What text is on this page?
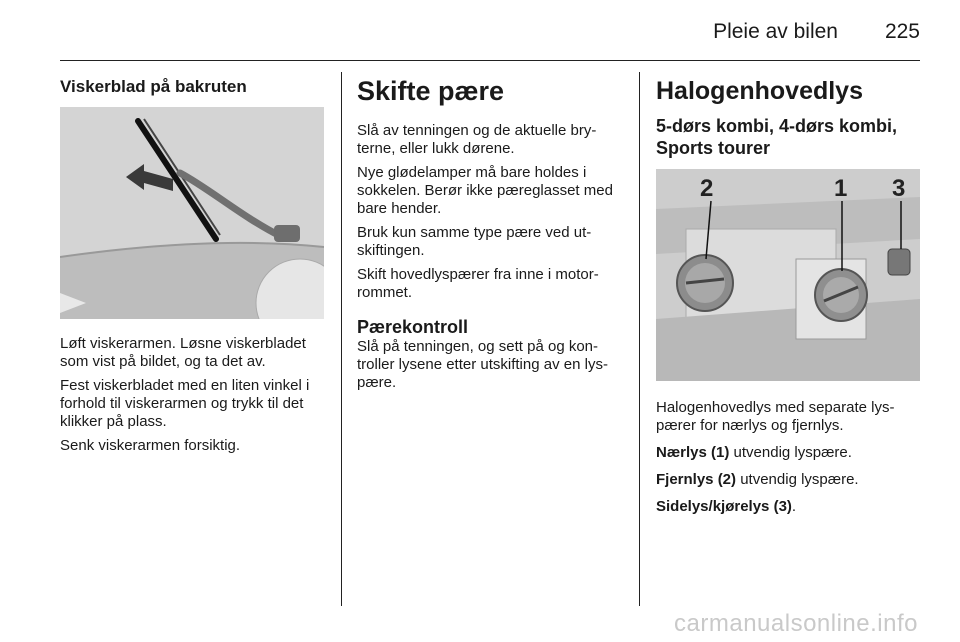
Pleie av bilen 225
Viskerblad på bakruten

Løft viskerarmen. Løsne viskerbladet som vist på bildet, og ta det av.

Fest viskerbladet med en liten vinkel i forhold til viskerarmen og trykk til det klikker på plass.

Senk viskerarmen forsiktig.

Skifte pære

Slå av tenningen og de aktuelle bry-terne, eller lukk dørene.

Nye glødelamper må bare holdes i sokkelen. Berør ikke pæreglasset med bare hender.

Bruk kun samme type pære ved ut-skiftingen.

Skift hovedlyspærer fra inne i motor-rommet.

Pærekontroll

Slå på tenningen, og sett på og kon-troller lysene etter utskifting av en lys-pære.

Halogenhovedlys
5-dørs kombi, 4-dørs kombi, Sports tourer
2	1 3

Halogenhovedlys med separate lys-pærer for nærlys og fjernlys.

Nærlys (1) utvendig lyspære.

Fjernlys (2) utvendig lyspære.

Sidelys/kjørelys (3).

carmanualsonline.info
